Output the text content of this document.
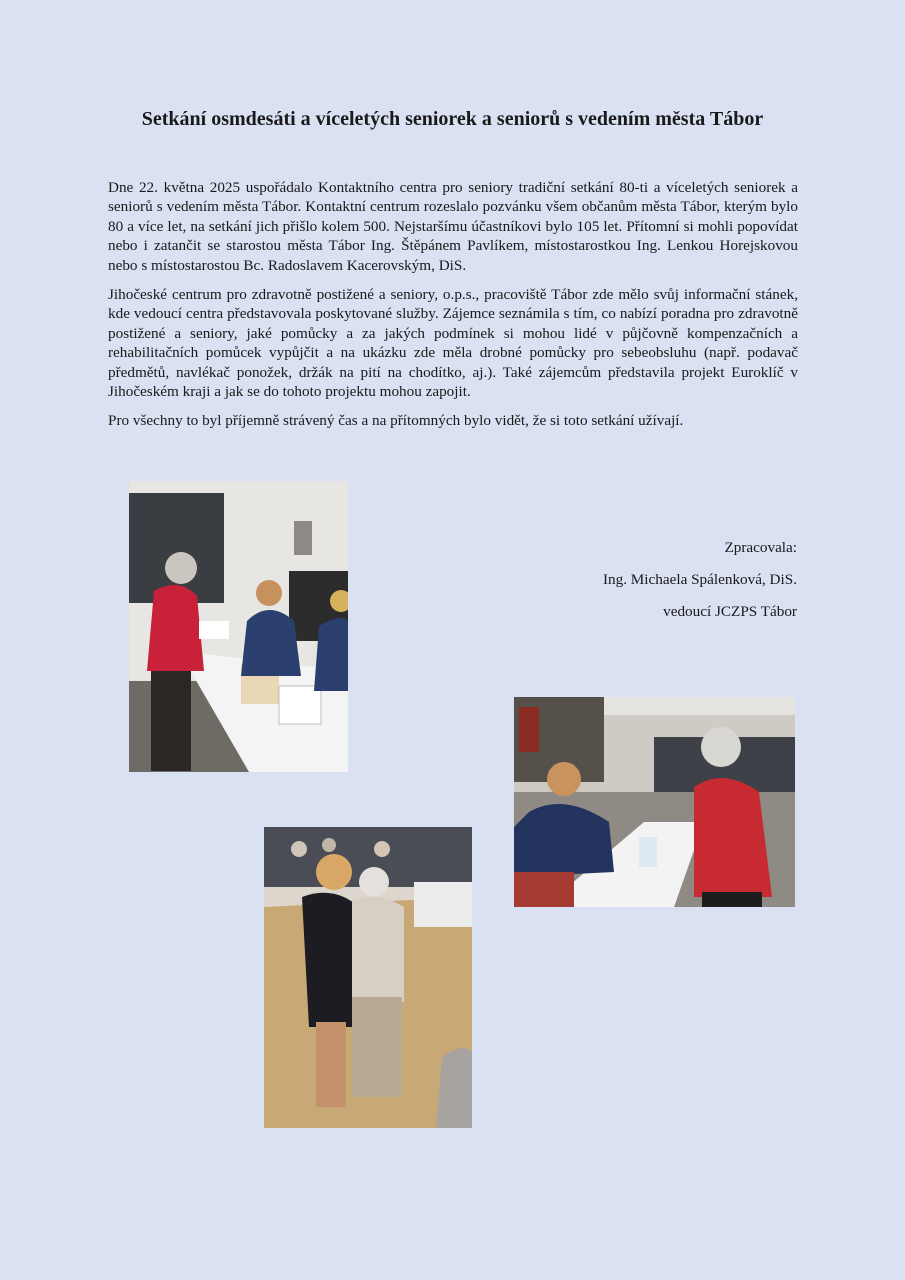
Setkání osmdesáti a víceletých seniorek a seniorů s vedením města Tábor

Dne 22. května 2025 uspořádalo Kontaktního centra pro seniory tradiční setkání 80-ti a víceletých seniorek a seniorů s vedením města Tábor. Kontaktní centrum rozeslalo pozvánku všem občanům města Tábor, kterým bylo 80 a více let, na setkání jich přišlo kolem 500. Nejstaršímu účastníkovi bylo 105 let. Přítomní si mohli popovídat nebo i zatančit se starostou města Tábor Ing. Štěpánem Pavlíkem, místostarostkou Ing. Lenkou Horejskovou nebo s místostarostou Bc. Radoslavem Kacerovským, DiS.

Jihočeské centrum pro zdravotně postižené a seniory, o.p.s., pracoviště Tábor zde mělo svůj informační stánek, kde vedoucí centra představovala poskytované služby. Zájemce seznámila s tím, co nabízí poradna pro zdravotně postižené a seniory, jaké pomůcky a za jakých podmínek si mohou lidé v půjčovně kompenzačních a rehabilitačních pomůcek vypůjčit a na ukázku zde měla drobné pomůcky pro sebeobsluhu (např. podavač předmětů, navlékač ponožek, držák na pití na chodítko, aj.). Také zájemcům představila projekt Euroklíč v Jihočeském kraji a jak se do tohoto projektu mohou zapojit.

Pro všechny to byl příjemně strávený čas a na přítomných bylo vidět, že si toto setkání užívají.

Zpracovala:
Ing. Michaela Spálenková, DiS.
vedoucí JCZPS Tábor
